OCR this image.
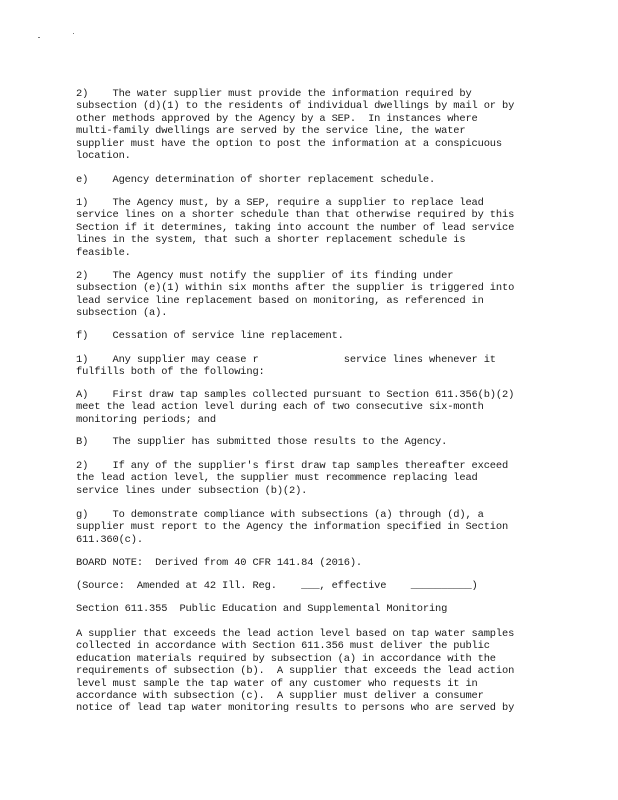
2)    The water supplier must provide the information required by
subsection (d)(1) to the residents of individual dwellings by mail or by
other methods approved by the Agency by a SEP.  In instances where
multi-family dwellings are served by the service line, the water
supplier must have the option to post the information at a conspicuous
location.
e)    Agency determination of shorter replacement schedule.
1)    The Agency must, by a SEP, require a supplier to replace lead
service lines on a shorter schedule than that otherwise required by this
Section if it determines, taking into account the number of lead service
lines in the system, that such a shorter replacement schedule is
feasible.
2)    The Agency must notify the supplier of its finding under
subsection (e)(1) within six months after the supplier is triggered into
lead service line replacement based on monitoring, as referenced in
subsection (a).
f)    Cessation of service line replacement.
1)    Any supplier may cease r              service lines whenever it
fulfills both of the following:
A)    First draw tap samples collected pursuant to Section 611.356(b)(2)
meet the lead action level during each of two consecutive six-month
monitoring periods; and
B)    The supplier has submitted those results to the Agency.
2)    If any of the supplier's first draw tap samples thereafter exceed
the lead action level, the supplier must recommence replacing lead
service lines under subsection (b)(2).
g)    To demonstrate compliance with subsections (a) through (d), a
supplier must report to the Agency the information specified in Section
611.360(c).
BOARD NOTE:  Derived from 40 CFR 141.84 (2016).
(Source:  Amended at 42 Ill. Reg.    ___, effective    __________)
Section 611.355  Public Education and Supplemental Monitoring
A supplier that exceeds the lead action level based on tap water samples
collected in accordance with Section 611.356 must deliver the public
education materials required by subsection (a) in accordance with the
requirements of subsection (b).  A supplier that exceeds the lead action
level must sample the tap water of any customer who requests it in
accordance with subsection (c).  A supplier must deliver a consumer
notice of lead tap water monitoring results to persons who are served by
